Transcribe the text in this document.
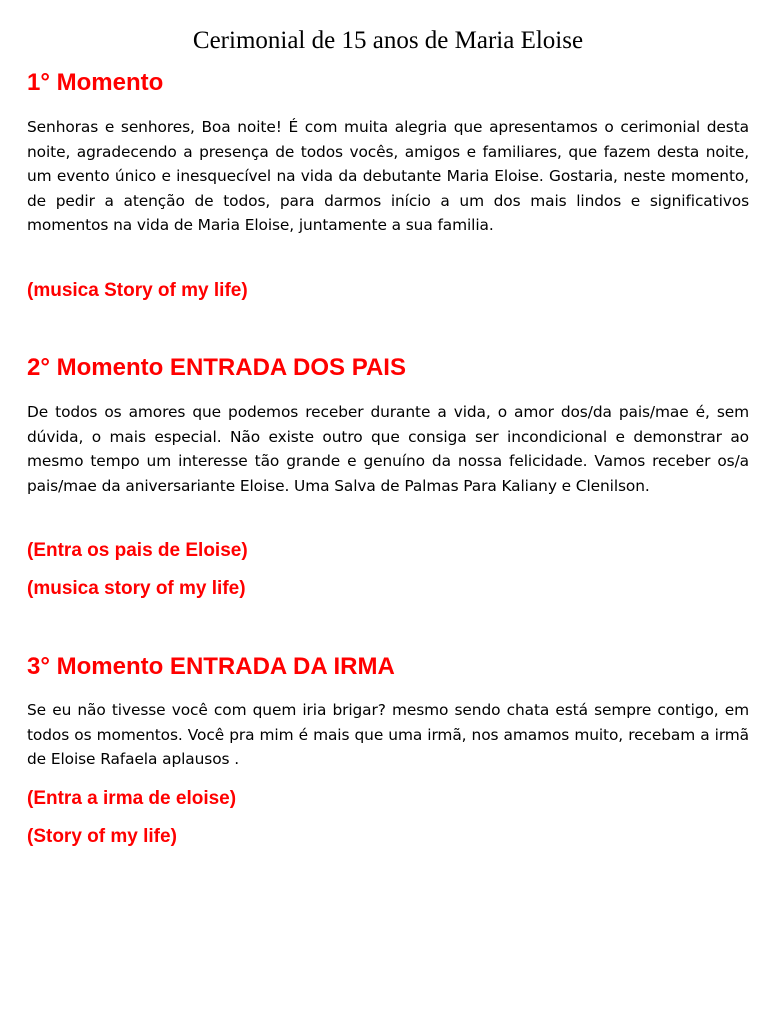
Cerimonial de 15 anos de Maria Eloise
1° Momento
Senhoras e senhores, Boa noite! É com muita alegria que apresentamos o cerimonial desta noite, agradecendo a presença de todos vocês, amigos e familiares, que fazem desta noite, um evento único e inesquecível na vida da debutante Maria Eloise. Gostaria, neste momento, de pedir a atenção de todos, para darmos início a um dos mais lindos e significativos momentos na vida de Maria Eloise, juntamente a sua familia.
(musica Story of my life)
2° Momento ENTRADA DOS PAIS
De todos os amores que podemos receber durante a vida, o amor dos/da pais/mae é, sem dúvida, o mais especial. Não existe outro que consiga ser incondicional e demonstrar ao mesmo tempo um interesse tão grande e genuíno da nossa felicidade. Vamos receber os/a pais/mae da aniversariante Eloise. Uma Salva de Palmas Para Kaliany e Clenilson.
(Entra os pais de Eloise)
(musica story of my life)
3° Momento ENTRADA DA IRMA
Se eu não tivesse você com quem iria brigar? mesmo sendo chata está sempre contigo, em todos os momentos. Você pra mim é mais que uma irmã, nos amamos muito, recebam a irmã de Eloise Rafaela aplausos .
(Entra a irma de eloise)
(Story of my life)
